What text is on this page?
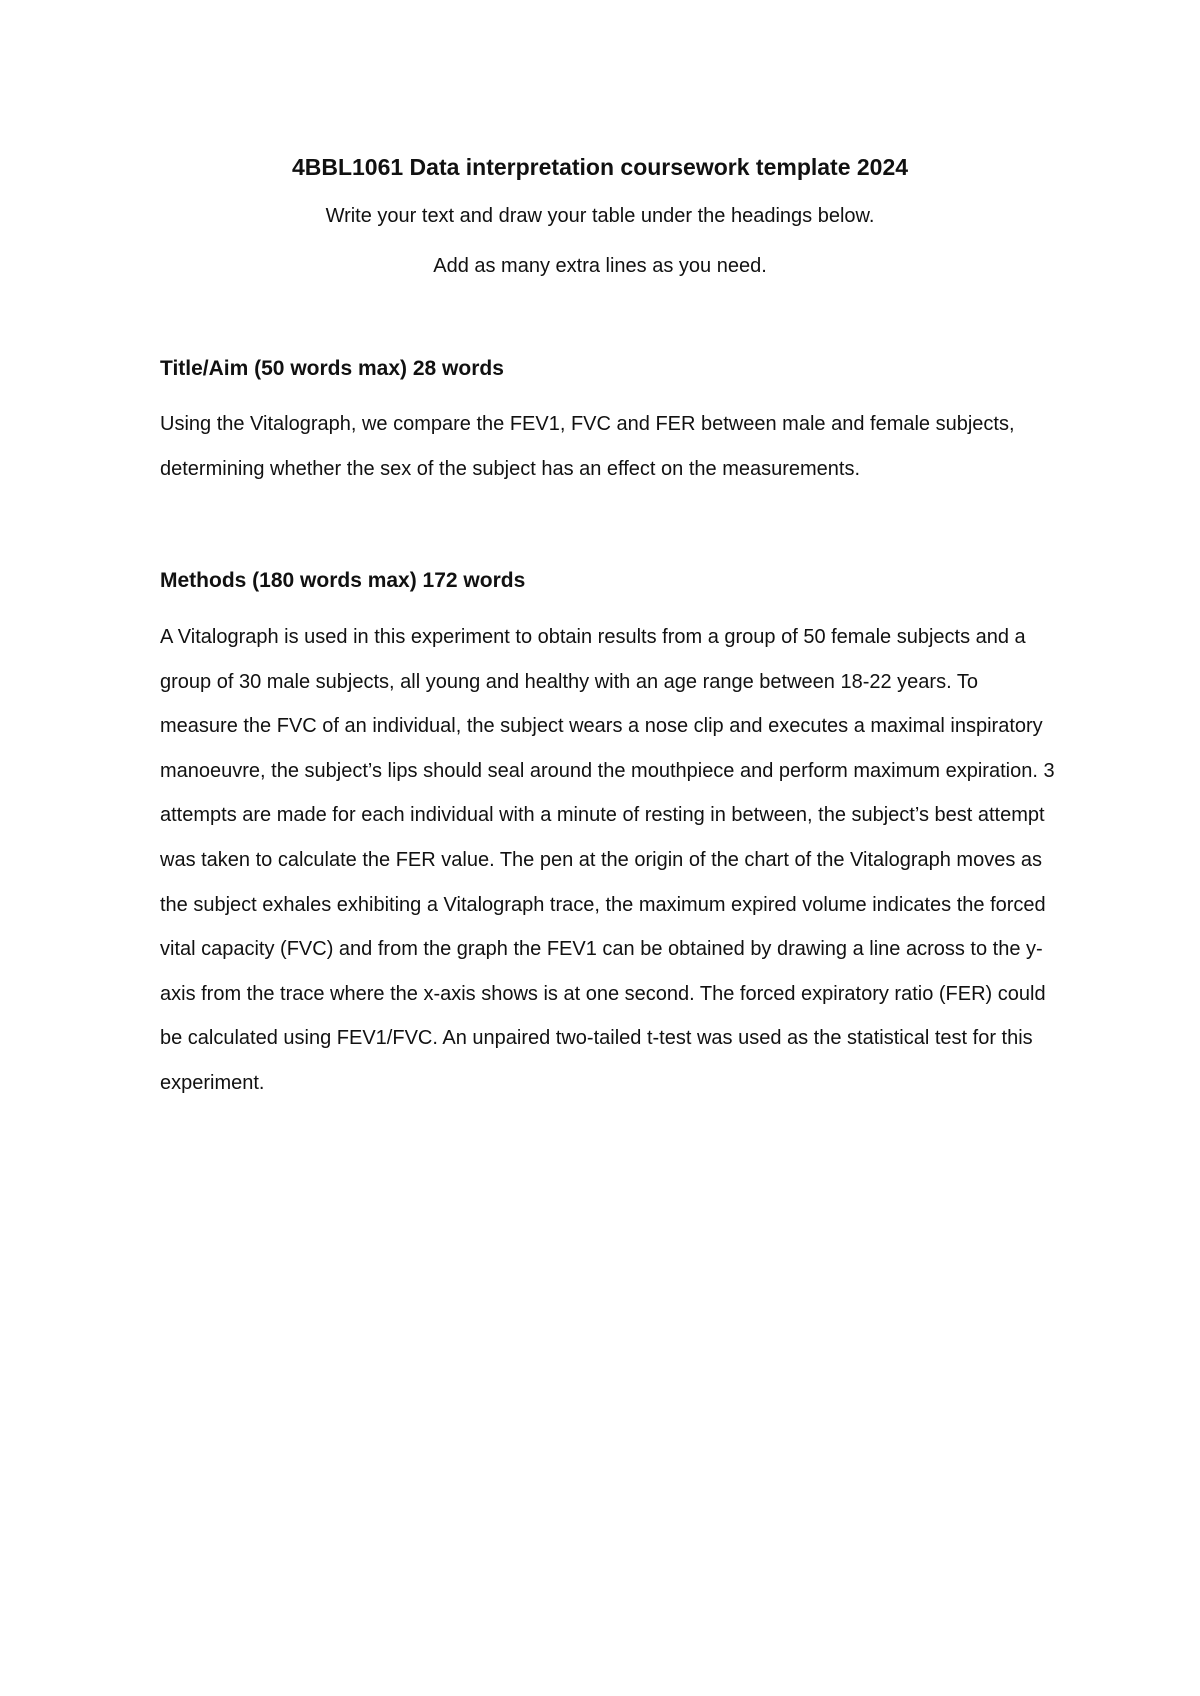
4BBL1061 Data interpretation coursework template 2024

Write your text and draw your table under the headings below.

Add as many extra lines as you need.

Title/Aim (50 words max) 28 words

Using the Vitalograph, we compare the FEV1, FVC and FER between male and female subjects, determining whether the sex of the subject has an effect on the measurements.

Methods (180 words max) 172 words

A Vitalograph is used in this experiment to obtain results from a group of 50 female subjects and a group of 30 male subjects, all young and healthy with an age range between 18-22 years. To measure the FVC of an individual, the subject wears a nose clip and executes a maximal inspiratory manoeuvre, the subject’s lips should seal around the mouthpiece and perform maximum expiration. 3 attempts are made for each individual with a minute of resting in between, the subject’s best attempt was taken to calculate the FER value. The pen at the origin of the chart of the Vitalograph moves as the subject exhales exhibiting a Vitalograph trace, the maximum expired volume indicates the forced vital capacity (FVC) and from the graph the FEV1 can be obtained by drawing a line across to the y-axis from the trace where the x-axis shows is at one second. The forced expiratory ratio (FER) could be calculated using FEV1/FVC. An unpaired two-tailed t-test was used as the statistical test for this experiment.
